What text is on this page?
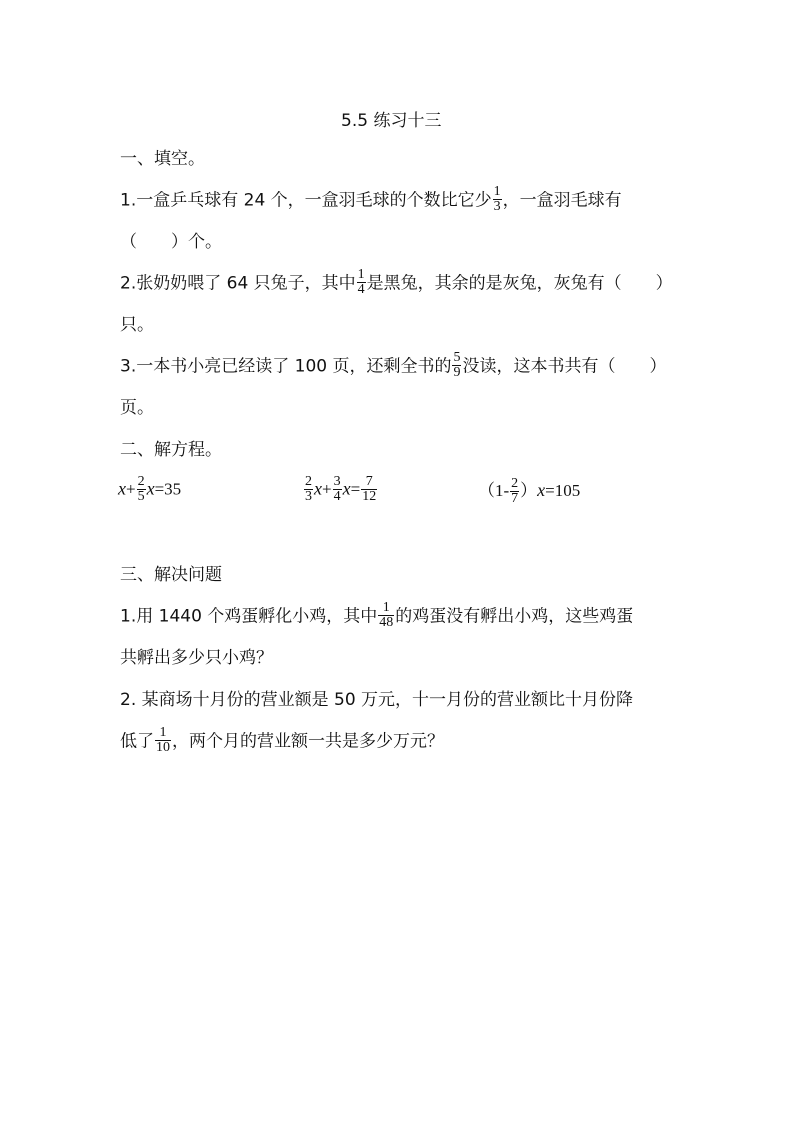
5.5 练习十三
一、填空。
1.一盒乒乓球有 24 个，一盒羽毛球的个数比它少 $\frac{1}{3}$ ，一盒羽毛球有
（　　）个。
2.张奶奶喂了 64 只兔子，其中 $\frac{1}{4}$ 是黑兔，其余的是灰兔，灰兔有（　　）
只。
3.一本书小亮已经读了 100 页，还剩全书的 $\frac{5}{9}$ 没读，这本书共有（　　）
页。
二、解方程。
$x+ \frac{2}{5} x=35$	$\frac{2}{3} x+ \frac{3}{4} x= \frac{7}{12}$	$(1- \frac{2}{7} )x=105$
三、解决问题
1.用 1440 个鸡蛋孵化小鸡，其中 $\frac{1}{48}$ 的鸡蛋没有孵出小鸡，这些鸡蛋
共孵出多少只小鸡？
2. 某商场十月份的营业额是 50 万元，十一月份的营业额比十月份降
低了 $\frac{1}{10}$ ，两个月的营业额一共是多少万元？
